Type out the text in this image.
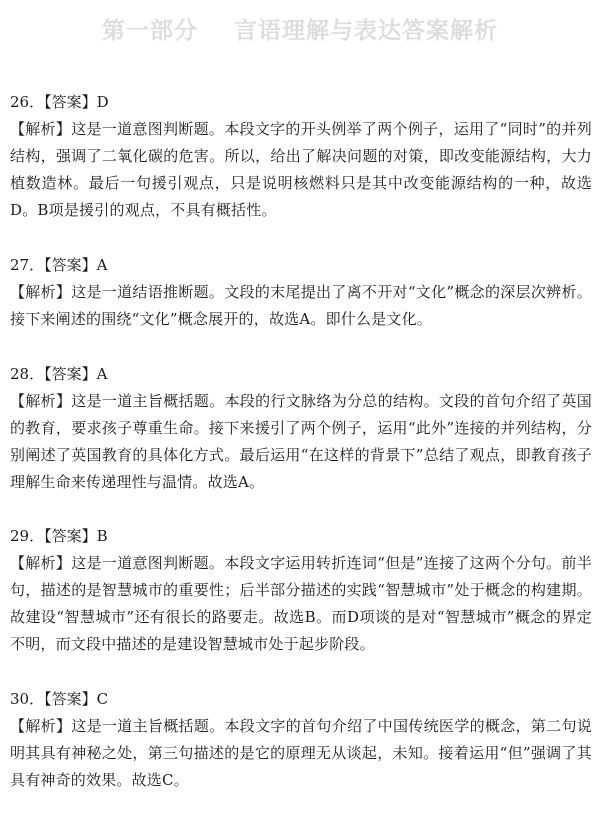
第一部分    言语理解与表达答案解析
26．【答案】D
【解析】这是一道意图判断题。本段文字的开头例举了两个例子，运用了“同时”的并列结构，强调了二氧化碳的危害。所以，给出了解决问题的对策，即改变能源结构，大力植数造林。最后一句援引观点，只是说明核燃料只是其中改变能源结构的一种，故选D。B项是援引的观点，不具有概括性。
27．【答案】A
【解析】这是一道结语推断题。文段的末尾提出了离不开对“文化”概念的深层次辨析。接下来阐述的围绕“文化”概念展开的，故选A。即什么是文化。
28．【答案】A
【解析】这是一道主旨概括题。本段的行文脉络为分总的结构。文段的首句介绍了英国的教育，要求孩子尊重生命。接下来援引了两个例子，运用“此外”连接的并列结构，分别阐述了英国教育的具体化方式。最后运用“在这样的背景下”总结了观点，即教育孩子理解生命来传递理性与温情。故选A。
29．【答案】B
【解析】这是一道意图判断题。本段文字运用转折连词“但是”连接了这两个分句。前半句，描述的是智慧城市的重要性；后半部分描述的实践“智慧城市”处于概念的构建期。故建设“智慧城市”还有很长的路要走。故选B。而D项谈的是对“智慧城市”概念的界定不明，而文段中描述的是建设智慧城市处于起步阶段。
30．【答案】C
【解析】这是一道主旨概括题。本段文字的首句介绍了中国传统医学的概念，第二句说明其具有神秘之处，第三句描述的是它的原理无从谈起，未知。接着运用“但”强调了其具有神奇的效果。故选C。
